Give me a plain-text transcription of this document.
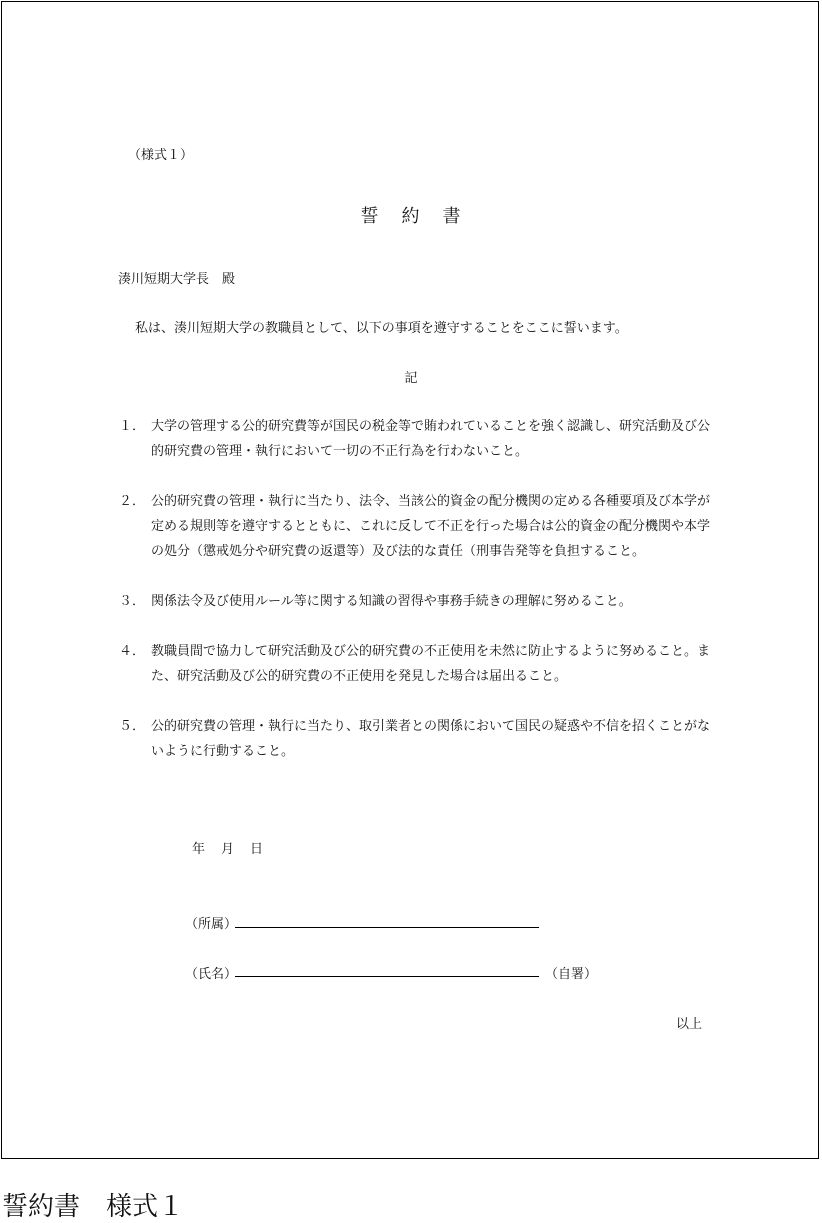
（様式１）
誓 約 書
湊川短期大学長　殿
私は、湊川短期大学の教職員として、以下の事項を遵守することをここに誓います。
記
１． 大学の管理する公的研究費等が国民の税金等で賄われていることを強く認識し、研究活動及び公的研究費の管理・執行において一切の不正行為を行わないこと。
２． 公的研究費の管理・執行に当たり、法令、当該公的資金の配分機関の定める各種要項及び本学が定める規則等を遵守するとともに、これに反して不正を行った場合は公的資金の配分機関や本学の処分（懲戒処分や研究費の返還等）及び法的な責任（刑事告発等を負担すること。
３． 関係法令及び使用ルール等に関する知識の習得や事務手続きの理解に努めること。
４． 教職員間で協力して研究活動及び公的研究費の不正使用を未然に防止するように努めること。また、研究活動及び公的研究費の不正使用を発見した場合は届出ること。
５． 公的研究費の管理・執行に当たり、取引業者との関係において国民の疑惑や不信を招くことがないように行動すること。
年 月 日
（所属）
（氏名）	（自署）
以上
誓約書　様式１
